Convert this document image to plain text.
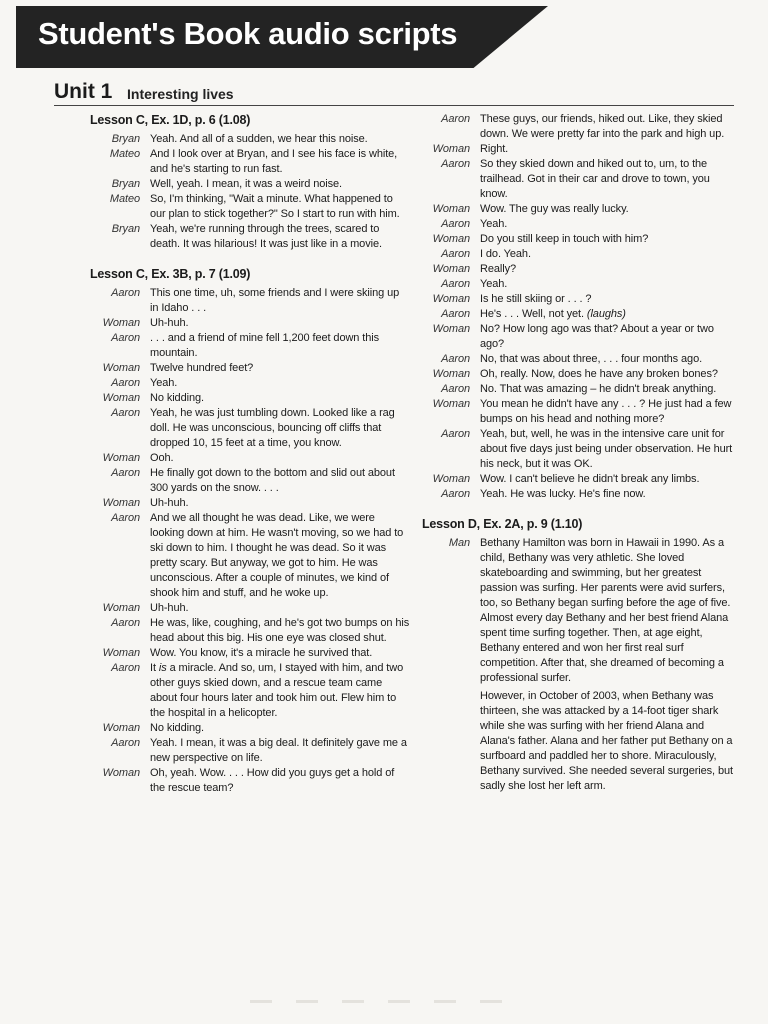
Student's Book audio scripts
Unit 1 Interesting lives
Lesson C, Ex. 1D, p. 6 (1.08)
Bryan Yeah. And all of a sudden, we hear this noise.
Mateo And I look over at Bryan, and I see his face is white, and he's starting to run fast.
Bryan Well, yeah. I mean, it was a weird noise.
Mateo So, I'm thinking, "Wait a minute. What happened to our plan to stick together?" So I start to run with him.
Bryan Yeah, we're running through the trees, scared to death. It was hilarious! It was just like in a movie.
Lesson C, Ex. 3B, p. 7 (1.09)
Aaron This one time, uh, some friends and I were skiing up in Idaho . . .
Woman Uh-huh.
Aaron . . . and a friend of mine fell 1,200 feet down this mountain.
Woman Twelve hundred feet?
Aaron Yeah.
Woman No kidding.
Aaron Yeah, he was just tumbling down. Looked like a rag doll. He was unconscious, bouncing off cliffs that dropped 10, 15 feet at a time, you know.
Woman Ooh.
Aaron He finally got down to the bottom and slid out about 300 yards on the snow. . . .
Woman Uh-huh.
Aaron And we all thought he was dead. Like, we were looking down at him. He wasn't moving, so we had to ski down to him. I thought he was dead. So it was pretty scary. But anyway, we got to him. He was unconscious. After a couple of minutes, we kind of shook him and stuff, and he woke up.
Woman Uh-huh.
Aaron He was, like, coughing, and he's got two bumps on his head about this big. His one eye was closed shut.
Woman Wow. You know, it's a miracle he survived that.
Aaron It is a miracle. And so, um, I stayed with him, and two other guys skied down, and a rescue team came about four hours later and took him out. Flew him to the hospital in a helicopter.
Woman No kidding.
Aaron Yeah. I mean, it was a big deal. It definitely gave me a new perspective on life.
Woman Oh, yeah. Wow. . . . How did you guys get a hold of the rescue team?
Aaron These guys, our friends, hiked out. Like, they skied down. We were pretty far into the park and high up.
Woman Right.
Aaron So they skied down and hiked out to, um, to the trailhead. Got in their car and drove to town, you know.
Woman Wow. The guy was really lucky.
Aaron Yeah.
Woman Do you still keep in touch with him?
Aaron I do. Yeah.
Woman Really?
Aaron Yeah.
Woman Is he still skiing or . . . ?
Aaron He's . . . Well, not yet. (laughs)
Woman No? How long ago was that? About a year or two ago?
Aaron No, that was about three, . . . four months ago.
Woman Oh, really. Now, does he have any broken bones?
Aaron No. That was amazing – he didn't break anything.
Woman You mean he didn't have any . . . ? He just had a few bumps on his head and nothing more?
Aaron Yeah, but, well, he was in the intensive care unit for about five days just being under observation. He hurt his neck, but it was OK.
Woman Wow. I can't believe he didn't break any limbs.
Aaron Yeah. He was lucky. He's fine now.
Lesson D, Ex. 2A, p. 9 (1.10)
Man Bethany Hamilton was born in Hawaii in 1990. As a child, Bethany was very athletic. She loved skateboarding and swimming, but her greatest passion was surfing. Her parents were avid surfers, too, so Bethany began surfing before the age of five. Almost every day Bethany and her best friend Alana spent time surfing together. Then, at age eight, Bethany entered and won her first real surf competition. After that, she dreamed of becoming a professional surfer.
However, in October of 2003, when Bethany was thirteen, she was attacked by a 14-foot tiger shark while she was surfing with her friend Alana and Alana's father. Alana and her father put Bethany on a surfboard and paddled her to shore. Miraculously, Bethany survived. She needed several surgeries, but sadly she lost her left arm.
